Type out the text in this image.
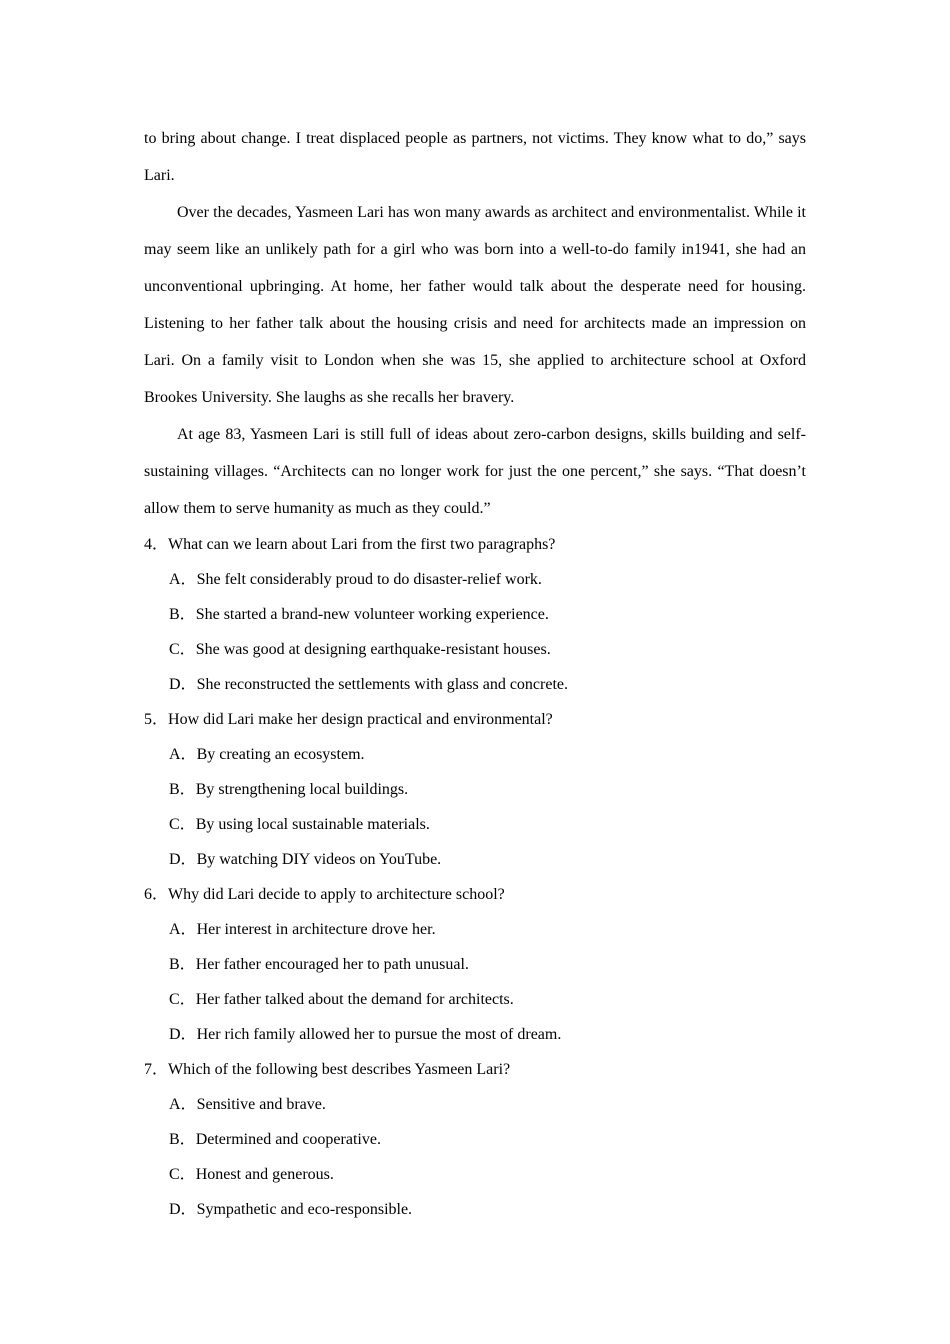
to bring about change. I treat displaced people as partners, not victims. They know what to do,” says Lari.

Over the decades, Yasmeen Lari has won many awards as architect and environmentalist. While it may seem like an unlikely path for a girl who was born into a well-to-do family in1941, she had an unconventional upbringing. At home, her father would talk about the desperate need for housing. Listening to her father talk about the housing crisis and need for architects made an impression on Lari. On a family visit to London when she was 15, she applied to architecture school at Oxford Brookes University. She laughs as she recalls her bravery.

At age 83, Yasmeen Lari is still full of ideas about zero-carbon designs, skills building and self-sustaining villages. “Architects can no longer work for just the one percent,” she says. “That doesn’t allow them to serve humanity as much as they could.”

4．What can we learn about Lari from the first two paragraphs?
A．She felt considerably proud to do disaster-relief work.
B．She started a brand-new volunteer working experience.
C．She was good at designing earthquake-resistant houses.
D．She reconstructed the settlements with glass and concrete.
5．How did Lari make her design practical and environmental?
A．By creating an ecosystem.
B．By strengthening local buildings.
C．By using local sustainable materials.
D．By watching DIY videos on YouTube.
6．Why did Lari decide to apply to architecture school?
A．Her interest in architecture drove her.
B．Her father encouraged her to path unusual.
C．Her father talked about the demand for architects.
D．Her rich family allowed her to pursue the most of dream.
7．Which of the following best describes Yasmeen Lari?
A．Sensitive and brave.
B．Determined and cooperative.
C．Honest and generous.
D．Sympathetic and eco-responsible.
